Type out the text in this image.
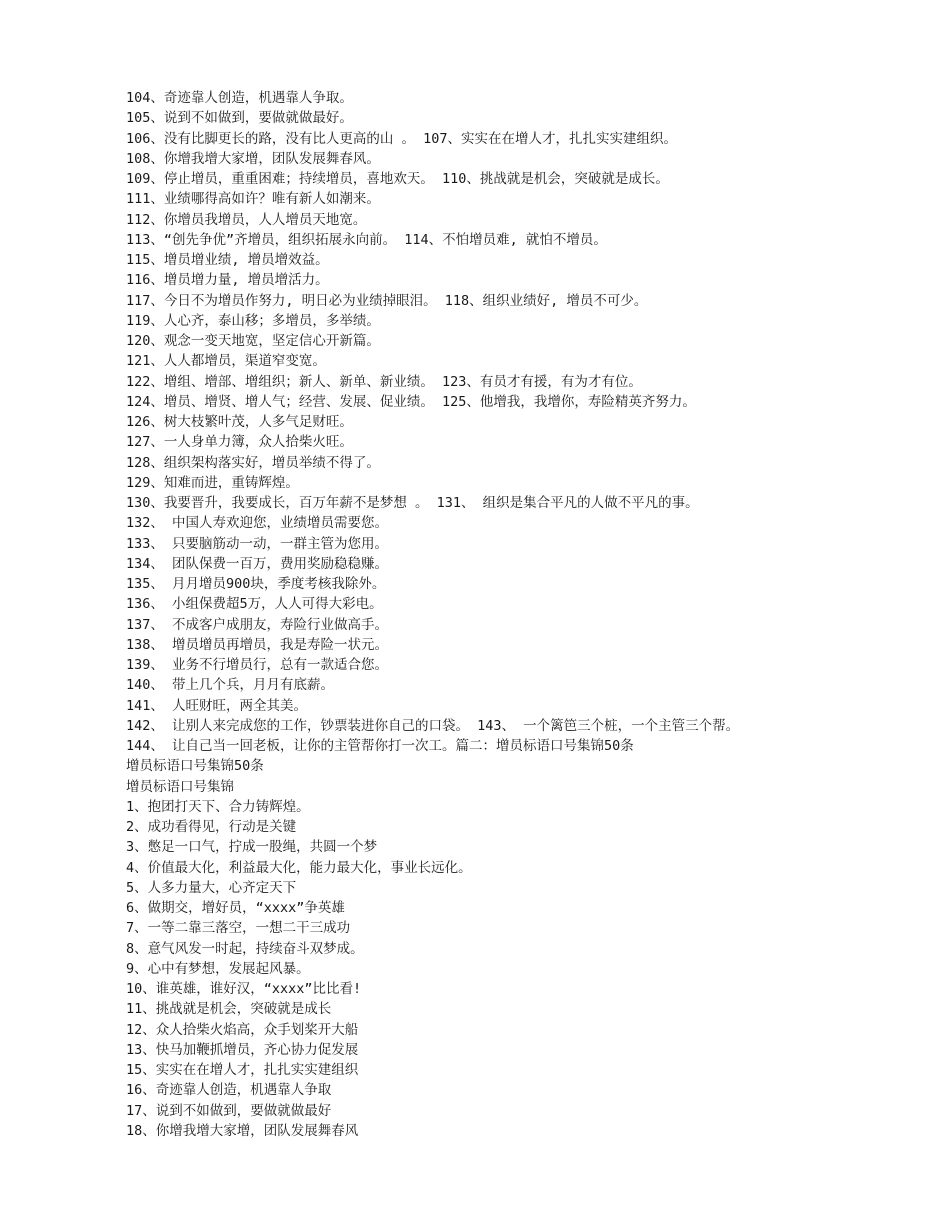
104、奇迹靠人创造，机遇靠人争取。
105、说到不如做到，要做就做最好。
106、没有比脚更长的路，没有比人更高的山 。 107、实实在在增人才，扎扎实实建组织。
108、你增我增大家增，团队发展舞春风。
109、停止增员，重重困难；持续增员，喜地欢天。 110、挑战就是机会，突破就是成长。
111、业绩哪得高如许？唯有新人如潮来。
112、你增员我增员，人人增员天地宽。
113、“创先争优”齐增员，组织拓展永向前。 114、不怕增员难, 就怕不增员。
115、增员增业绩, 增员增效益。
116、增员增力量, 增员增活力。
117、今日不为增员作努力, 明日必为业绩掉眼泪。 118、组织业绩好, 增员不可少。
119、人心齐，泰山移；多增员，多举绩。
120、观念一变天地宽，坚定信心开新篇。
121、人人都增员，渠道窄变宽。
122、增组、增部、增组织；新人、新单、新业绩。 123、有员才有援，有为才有位。
124、增员、增贤、增人气；经营、发展、促业绩。 125、他增我，我增你，寿险精英齐努力。
126、树大枝繁叶茂，人多气足财旺。
127、一人身单力簿，众人拾柴火旺。
128、组织架构落实好，增员举绩不得了。
129、知难而进，重铸辉煌。
130、我要晋升，我要成长，百万年薪不是梦想 。 131、 组织是集合平凡的人做不平凡的事。
132、 中国人寿欢迎您，业绩增员需要您。
133、 只要脑筋动一动，一群主管为您用。
134、 团队保费一百万，费用奖励稳稳赚。
135、 月月增员900块，季度考核我除外。
136、 小组保费超5万，人人可得大彩电。
137、 不成客户成朋友，寿险行业做高手。
138、 增员增员再增员，我是寿险一状元。
139、 业务不行增员行，总有一款适合您。
140、 带上几个兵，月月有底薪。
141、 人旺财旺，两全其美。
142、 让别人来完成您的工作，钞票装进你自己的口袋。 143、 一个篱笆三个桩，一个主管三个帮。
144、 让自己当一回老板，让你的主管帮你打一次工。篇二：增员标语口号集锦50条
增员标语口号集锦50条
增员标语口号集锦
1、抱团打天下、合力铸辉煌。
2、成功看得见，行动是关键
3、憋足一口气，拧成一股绳，共圆一个梦
4、价值最大化，利益最大化，能力最大化，事业长远化。
5、人多力量大，心齐定天下
6、做期交，增好员，“xxxx”争英雄
7、一等二靠三落空，一想二干三成功
8、意气风发一时起，持续奋斗双梦成。
9、心中有梦想，发展起风暴。
10、谁英雄，谁好汉，“xxxx”比比看!
11、挑战就是机会，突破就是成长
12、众人拾柴火焰高，众手划桨开大船
13、快马加鞭抓增员，齐心协力促发展
15、实实在在增人才，扎扎实实建组织
16、奇迹靠人创造，机遇靠人争取
17、说到不如做到，要做就做最好
18、你增我增大家增，团队发展舞春风
